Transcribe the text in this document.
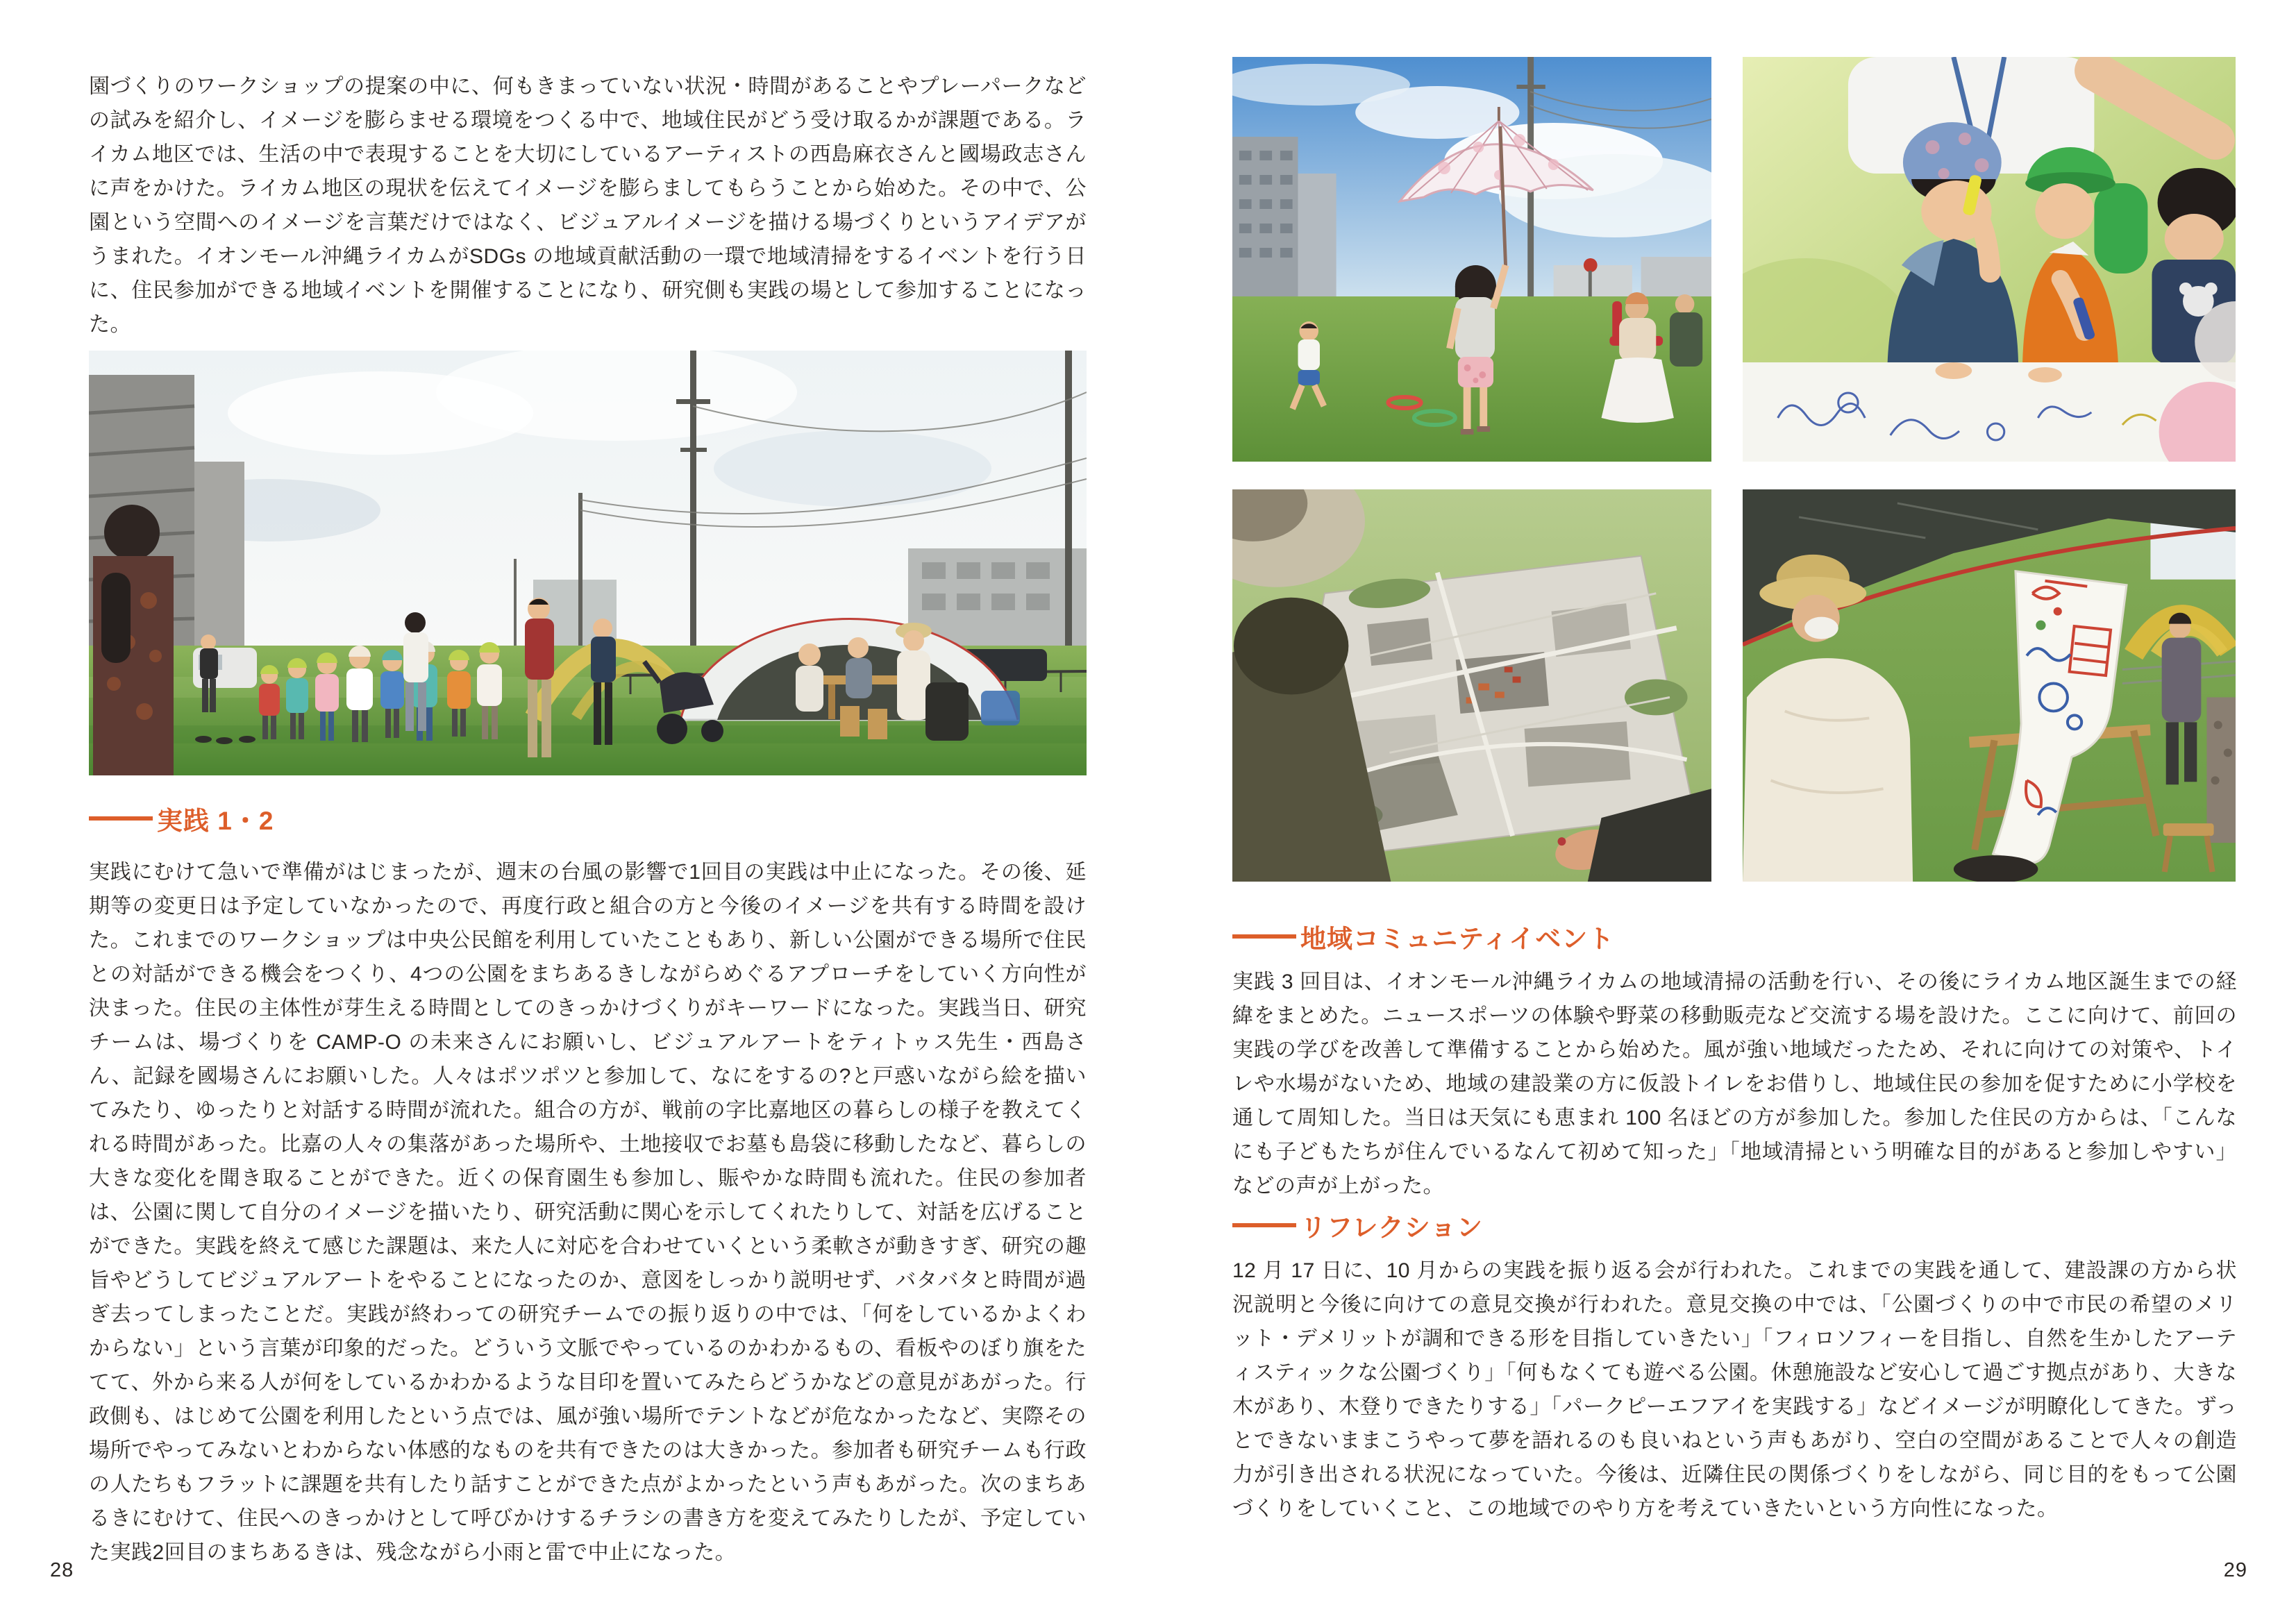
園づくりのワークショップの提案の中に、何もきまっていない状況・時間があることやプレーパークなどの試みを紹介し、イメージを膨らませる環境をつくる中で、地域住民がどう受け取るかが課題である。ライカム地区では、生活の中で表現することを大切にしているアーティストの西島麻衣さんと國場政志さんに声をかけた。ライカム地区の現状を伝えてイメージを膨らましてもらうことから始めた。その中で、公園という空間へのイメージを言葉だけではなく、ビジュアルイメージを描ける場づくりというアイデアがうまれた。イオンモール沖縄ライカムがSDGs の地域貢献活動の一環で地域清掃をするイベントを行う日に、住民参加ができる地域イベントを開催することになり、研究側も実践の場として参加することになった。

実践 1・2

実践にむけて急いで準備がはじまったが、週末の台風の影響で1回目の実践は中止になった。その後、延期等の変更日は予定していなかったので、再度行政と組合の方と今後のイメージを共有する時間を設けた。これまでのワークショップは中央公民館を利用していたこともあり、新しい公園ができる場所で住民との対話ができる機会をつくり、4つの公園をまちあるきしながらめぐるアプローチをしていく方向性が決まった。住民の主体性が芽生える時間としてのきっかけづくりがキーワードになった。実践当日、研究チームは、場づくりを CAMP-O の未来さんにお願いし、ビジュアルアートをティトゥス先生・西島さん、記録を國場さんにお願いした。人々はポツポツと参加して、なにをするの?と戸惑いながら絵を描いてみたり、ゆったりと対話する時間が流れた。組合の方が、戦前の字比嘉地区の暮らしの様子を教えてくれる時間があった。比嘉の人々の集落があった場所や、土地接収でお墓も島袋に移動したなど、暮らしの大きな変化を聞き取ることができた。近くの保育園生も参加し、賑やかな時間も流れた。住民の参加者は、公園に関して自分のイメージを描いたり、研究活動に関心を示してくれたりして、対話を広げることができた。実践を終えて感じた課題は、来た人に対応を合わせていくという柔軟さが動きすぎ、研究の趣旨やどうしてビジュアルアートをやることになったのか、意図をしっかり説明せず、バタバタと時間が過ぎ去ってしまったことだ。実践が終わっての研究チームでの振り返りの中では、「何をしているかよくわからない」という言葉が印象的だった。どういう文脈でやっているのかわかるもの、看板やのぼり旗をたてて、外から来る人が何をしているかわかるような目印を置いてみたらどうかなどの意見があがった。行政側も、はじめて公園を利用したという点では、風が強い場所でテントなどが危なかったなど、実際その場所でやってみないとわからない体感的なものを共有できたのは大きかった。参加者も研究チームも行政の人たちもフラットに課題を共有したり話すことができた点がよかったという声もあがった。次のまちあるきにむけて、住民へのきっかけとして呼びかけするチラシの書き方を変えてみたりしたが、予定していた実践2回目のまちあるきは、残念ながら小雨と雷で中止になった。

28
地域コミュニティイベント

実践 3 回目は、イオンモール沖縄ライカムの地域清掃の活動を行い、その後にライカム地区誕生までの経緯をまとめた。ニュースポーツの体験や野菜の移動販売など交流する場を設けた。ここに向けて、前回の実践の学びを改善して準備することから始めた。風が強い地域だったため、それに向けての対策や、トイレや水場がないため、地域の建設業の方に仮設トイレをお借りし、地域住民の参加を促すために小学校を通して周知した。当日は天気にも恵まれ 100 名ほどの方が参加した。参加した住民の方からは、「こんなにも子どもたちが住んでいるなんて初めて知った」「地域清掃という明確な目的があると参加しやすい」などの声が上がった。

リフレクション

12 月 17 日に、10 月からの実践を振り返る会が行われた。これまでの実践を通して、建設課の方から状況説明と今後に向けての意見交換が行われた。意見交換の中では、「公園づくりの中で市民の希望のメリット・デメリットが調和できる形を目指していきたい」「フィロソフィーを目指し、自然を生かしたアーティスティックな公園づくり」「何もなくても遊べる公園。休憩施設など安心して過ごす拠点があり、大きな木があり、木登りできたりする」「パークピーエフアイを実践する」などイメージが明瞭化してきた。ずっとできないままこうやって夢を語れるのも良いねという声もあがり、空白の空間があることで人々の創造力が引き出される状況になっていた。今後は、近隣住民の関係づくりをしながら、同じ目的をもって公園づくりをしていくこと、この地域でのやり方を考えていきたいという方向性になった。

29
